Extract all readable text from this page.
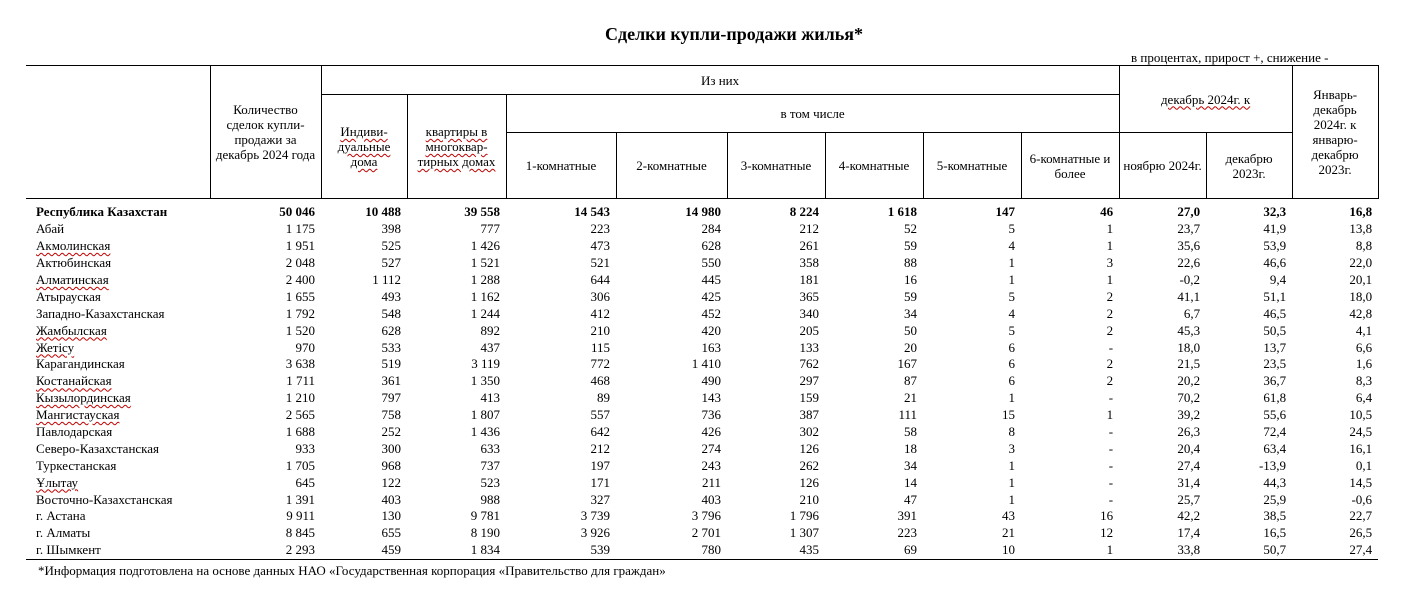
Сделки купли-продажи жилья*
в процентах, прирост +, снижение -
	Количество сделок купли-продажи за декабрь 2024 года	Из них								декабрь 2024г. к		Январь-декабрь 2024г. к январю-декабрю 2023г.
		Индиви-дуальные дома	квартиры в многоквар-тирных домах	в том числе								
				1-комнатные	2-комнатные	3-комнатные	4-комнатные	5-комнатные	6-комнатные и более	ноябрю 2024г.	декабрю 2023г.	

Республика Казахстан	50 046	10 488	39 558	14 543	14 980	8 224	1 618	147	46	27,0	32,3	16,8
Абай	1 175	398	777	223	284	212	52	5	1	23,7	41,9	13,8
Акмолинская	1 951	525	1 426	473	628	261	59	4	1	35,6	53,9	8,8
Актюбинская	2 048	527	1 521	521	550	358	88	1	3	22,6	46,6	22,0
Алматинская	2 400	1 112	1 288	644	445	181	16	1	1	-0,2	9,4	20,1
Атырауская	1 655	493	1 162	306	425	365	59	5	2	41,1	51,1	18,0
Западно-Казахстанская	1 792	548	1 244	412	452	340	34	4	2	6,7	46,5	42,8
Жамбылская	1 520	628	892	210	420	205	50	5	2	45,3	50,5	4,1
Жетісу	970	533	437	115	163	133	20	6	-	18,0	13,7	6,6
Карагандинская	3 638	519	3 119	772	1 410	762	167	6	2	21,5	23,5	1,6
Костанайская	1 711	361	1 350	468	490	297	87	6	2	20,2	36,7	8,3
Кызылординская	1 210	797	413	89	143	159	21	1	-	70,2	61,8	6,4
Мангистауская	2 565	758	1 807	557	736	387	111	15	1	39,2	55,6	10,5
Павлодарская	1 688	252	1 436	642	426	302	58	8	-	26,3	72,4	24,5
Северо-Казахстанская	933	300	633	212	274	126	18	3	-	20,4	63,4	16,1
Туркестанская	1 705	968	737	197	243	262	34	1	-	27,4	-13,9	0,1
Ұлытау	645	122	523	171	211	126	14	1	-	31,4	44,3	14,5
Восточно-Казахстанская	1 391	403	988	327	403	210	47	1	-	25,7	25,9	-0,6
г. Астана	9 911	130	9 781	3 739	3 796	1 796	391	43	16	42,2	38,5	22,7
г. Алматы	8 845	655	8 190	3 926	2 701	1 307	223	21	12	17,4	16,5	26,5
г. Шымкент	2 293	459	1 834	539	780	435	69	10	1	33,8	50,7	27,4
*Информация подготовлена на основе данных НАО «Государственная корпорация «Правительство для граждан»
